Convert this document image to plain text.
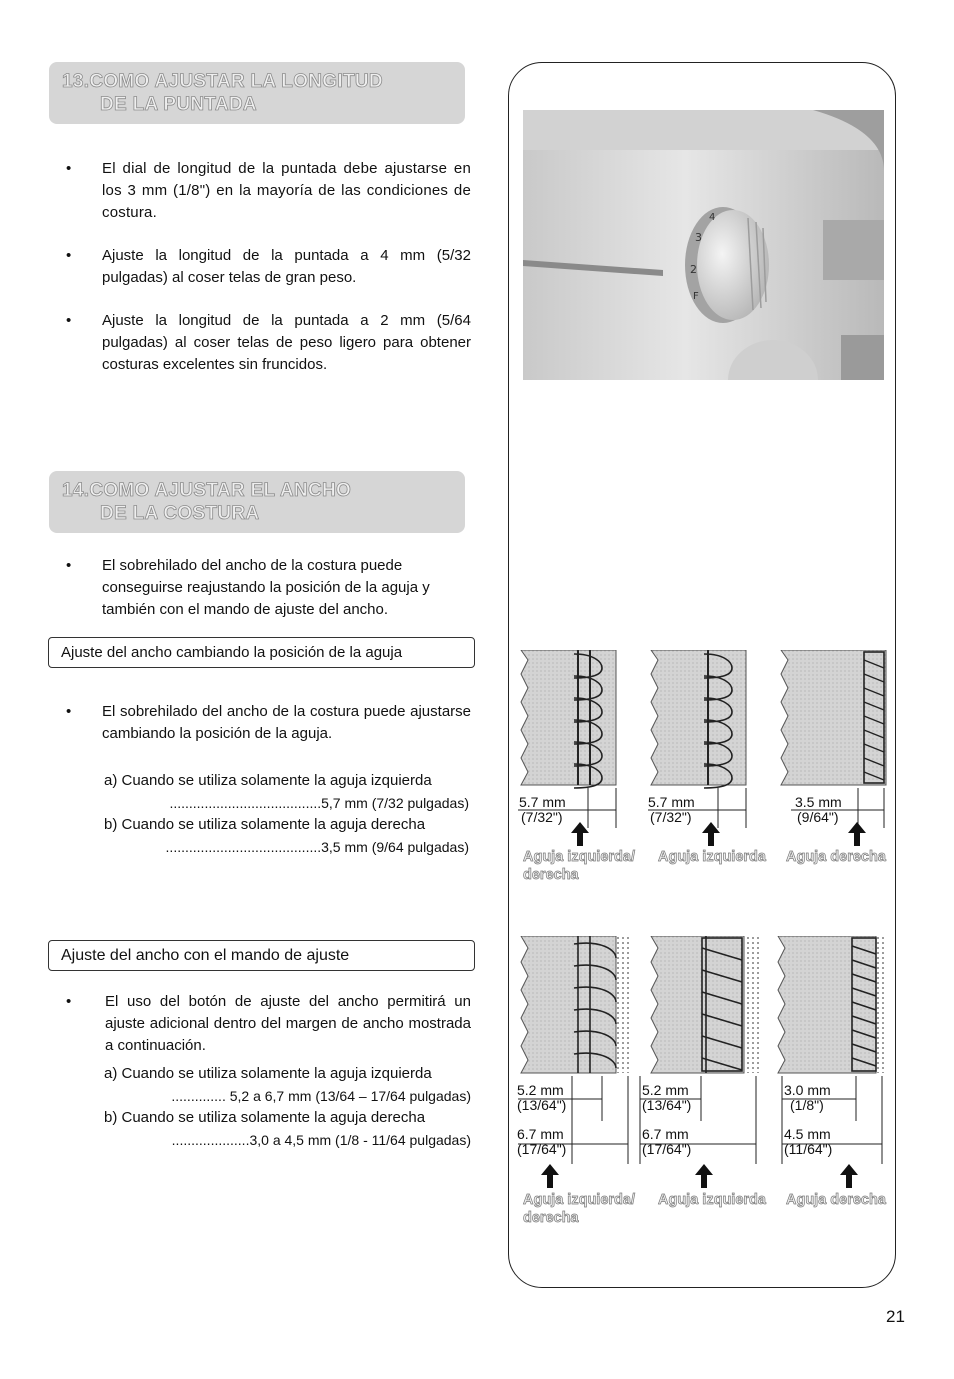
13.COMO AJUSTAR LA LONGITUD
DE LA PUNTADA
• El dial de longitud de la puntada debe ajustarse en los 3 mm (1/8") en la mayoría de las condiciones de costura.
• Ajuste la longitud de la puntada a 4 mm (5/32 pulgadas) al coser telas de gran peso.
• Ajuste la longitud de la puntada a 2 mm (5/64 pulgadas) al coser telas de peso ligero para obtener costuras excelentes sin fruncidos.
14.COMO AJUSTAR EL ANCHO
DE LA COSTURA
• El sobrehilado del ancho de la costura puede conseguirse reajustando la posición de la aguja y también con el mando de ajuste del ancho.
Ajuste del ancho cambiando la posición de la aguja
• El sobrehilado del ancho de la costura puede ajustarse cambiando la posición de la aguja.
a) Cuando se utiliza solamente la aguja izquierda
.......................................5,7 mm (7/32 pulgadas)
b) Cuando se utiliza solamente la aguja derecha
........................................3,5 mm (9/64 pulgadas)
Ajuste del ancho con el mando de ajuste
• El uso del botón de ajuste del ancho permitirá un ajuste adicional dentro del margen de ancho mostrada a continuación.
a) Cuando se utiliza solamente la aguja izquierda
.............. 5,2 a 6,7 mm (13/64 – 17/64 pulgadas)
b) Cuando se utiliza solamente la aguja derecha
....................3,0 a 4,5 mm (1/8 - 11/64 pulgadas)
4
3
2
F
5.7 mm
(7/32")
5.7 mm
(7/32")
3.5 mm
(9/64")
Aguja izquierda/
derecha
Aguja izquierda Aguja derecha
5.2 mm
(13/64")
6.7 mm
(17/64")
5.2 mm
(13/64")
6.7 mm
(17/64")
3.0 mm
(1/8")
4.5 mm
(11/64")
Aguja izquierda/
derecha
Aguja izquierda Aguja derecha
21
